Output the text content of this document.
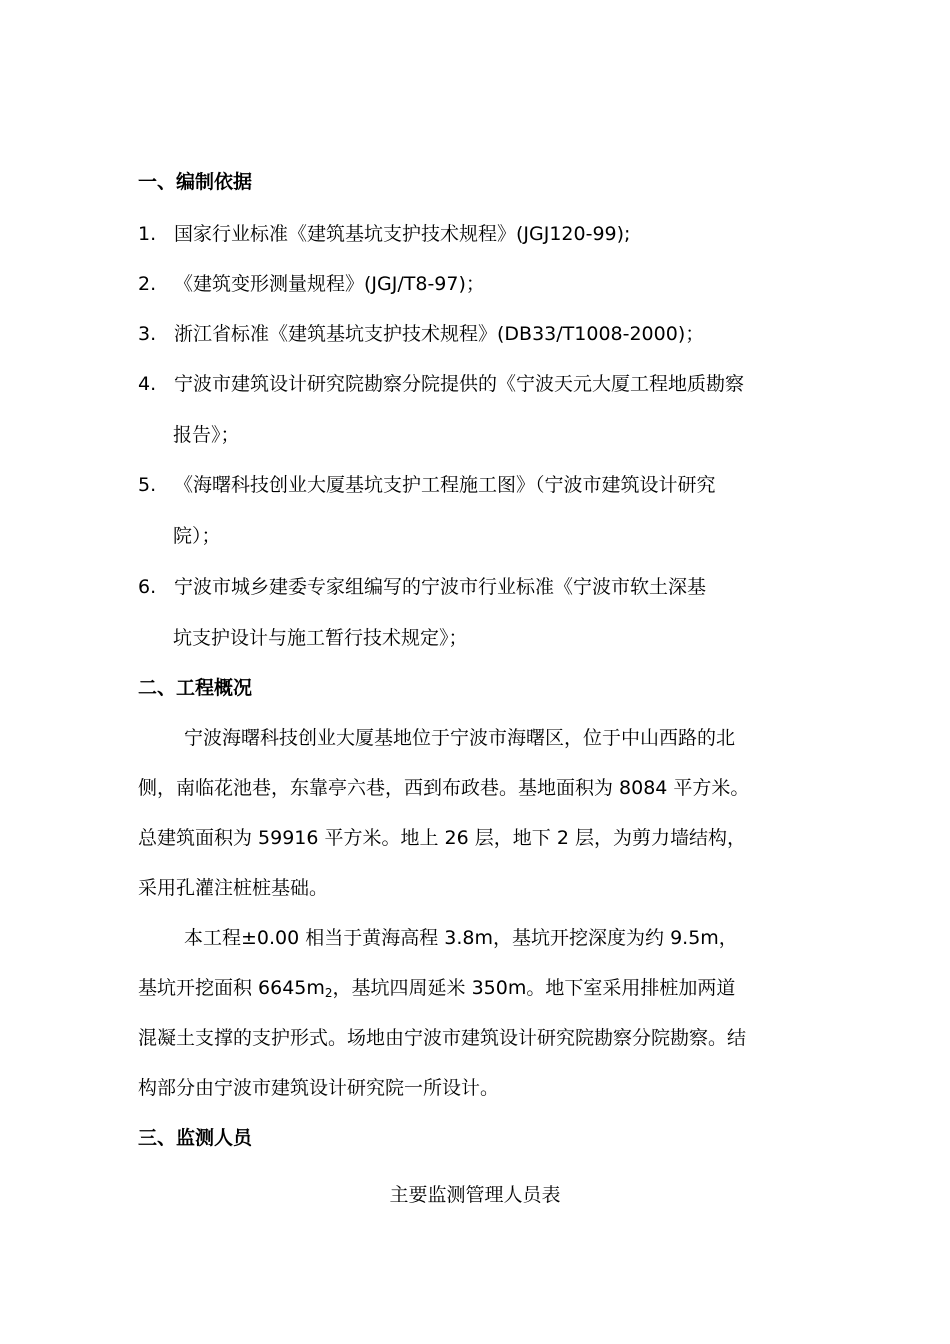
一、编制依据
1. 国家行业标准《建筑基坑支护技术规程》(JGJ120-99);
2. 《建筑变形测量规程》(JGJ/T8-97)；
3. 浙江省标准《建筑基坑支护技术规程》(DB33/T1008-2000)；
4. 宁波市建筑设计研究院勘察分院提供的《宁波天元大厦工程地质勘察
报告》；
5. 《海曙科技创业大厦基坑支护工程施工图》（宁波市建筑设计研究
院）；
6. 宁波市城乡建委专家组编写的宁波市行业标准《宁波市软土深基
坑支护设计与施工暂行技术规定》；
二、工程概况
宁波海曙科技创业大厦基地位于宁波市海曙区，位于中山西路的北
侧，南临花池巷，东靠亭六巷，西到布政巷。基地面积为 8084 平方米。
总建筑面积为 59916 平方米。地上 26 层，地下 2 层，为剪力墙结构，
采用孔灌注桩桩基础。
本工程±0.00 相当于黄海高程 3.8m，基坑开挖深度为约 9.5m，
基坑开挖面积 $6645m_2$，基坑四周延米 350m。地下室采用排桩加两道
混凝土支撑的支护形式。场地由宁波市建筑设计研究院勘察分院勘察。结
构部分由宁波市建筑设计研究院一所设计。
三、监测人员
主要监测管理人员表
